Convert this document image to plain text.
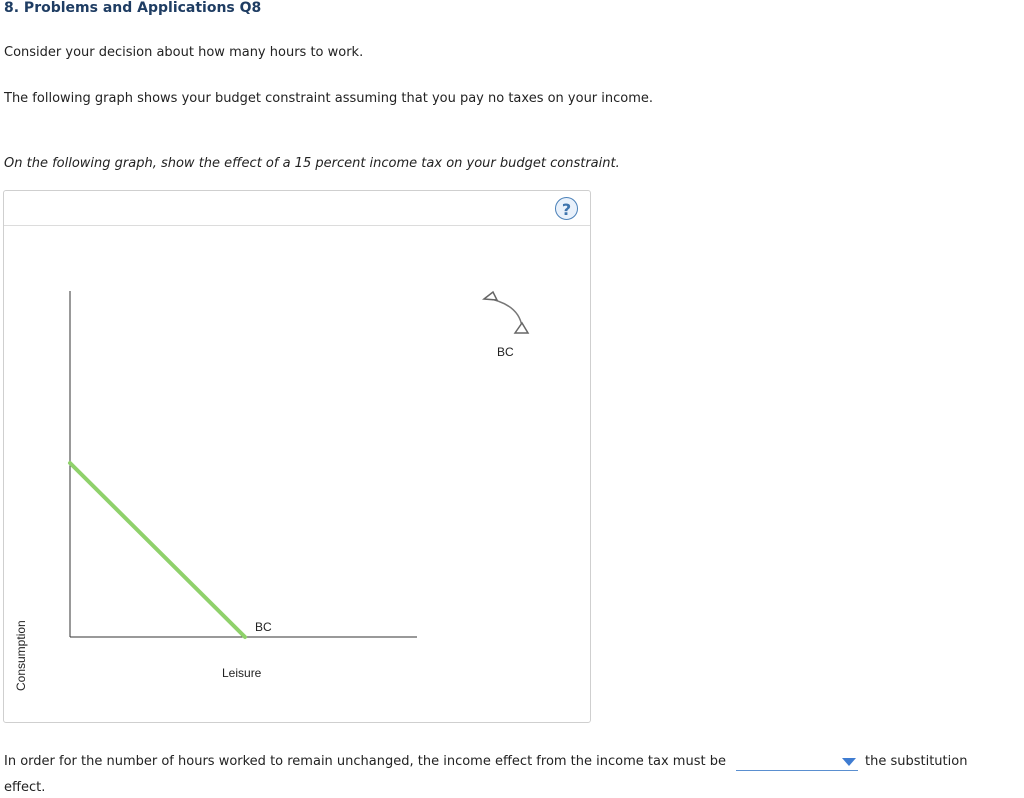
8. Problems and Applications Q8
Consider your decision about how many hours to work.
The following graph shows your budget constraint assuming that you pay no taxes on your income.
On the following graph, show the effect of a 15 percent income tax on your budget constraint.
?
BC
Consumption	BC
Leisure
In order for the number of hours worked to remain unchanged, the income effect from the income tax must be	the substitution
effect.
